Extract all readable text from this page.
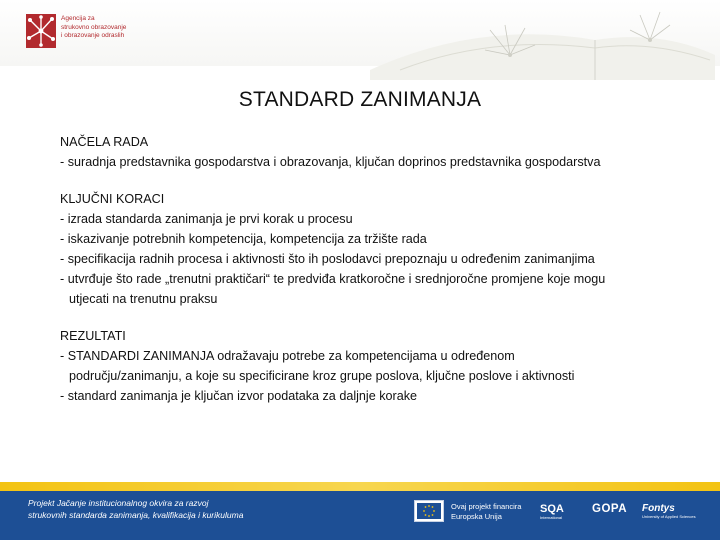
Agencija za
strukovno obrazovanje
i obrazovanje odraslih
STANDARD ZANIMANJA
NAČELA RADA
- suradnja predstavnika gospodarstva i obrazovanja, ključan doprinos predstavnika gospodarstva
KLJUČNI KORACI
- izrada standarda zanimanja je prvi korak u procesu
- iskazivanje potrebnih kompetencija, kompetencija za tržište rada
- specifikacija radnih procesa i aktivnosti što ih poslodavci prepoznaju u određenim zanimanjima
- utvrđuje što rade „trenutni praktičari“ te predviđa kratkoročne i srednjoročne promjene koje mogu
utjecati na trenutnu praksu
REZULTATI
- STANDARDI ZANIMANJA odražavaju potrebe za kompetencijama u određenom
području/zanimanju, a koje su specificirane kroz grupe poslova, ključne poslove i aktivnosti
- standard zanimanja je ključan izvor podataka za daljnje korake
Projekt Jačanje institucionalnog okvira za razvoj
strukovnih standarda zanimanja, kvalifikacija i kurikuluma
Ovaj projekt financira
Europska Unija
SQA
International
GOPA Fontys
University of Applied Sciences
